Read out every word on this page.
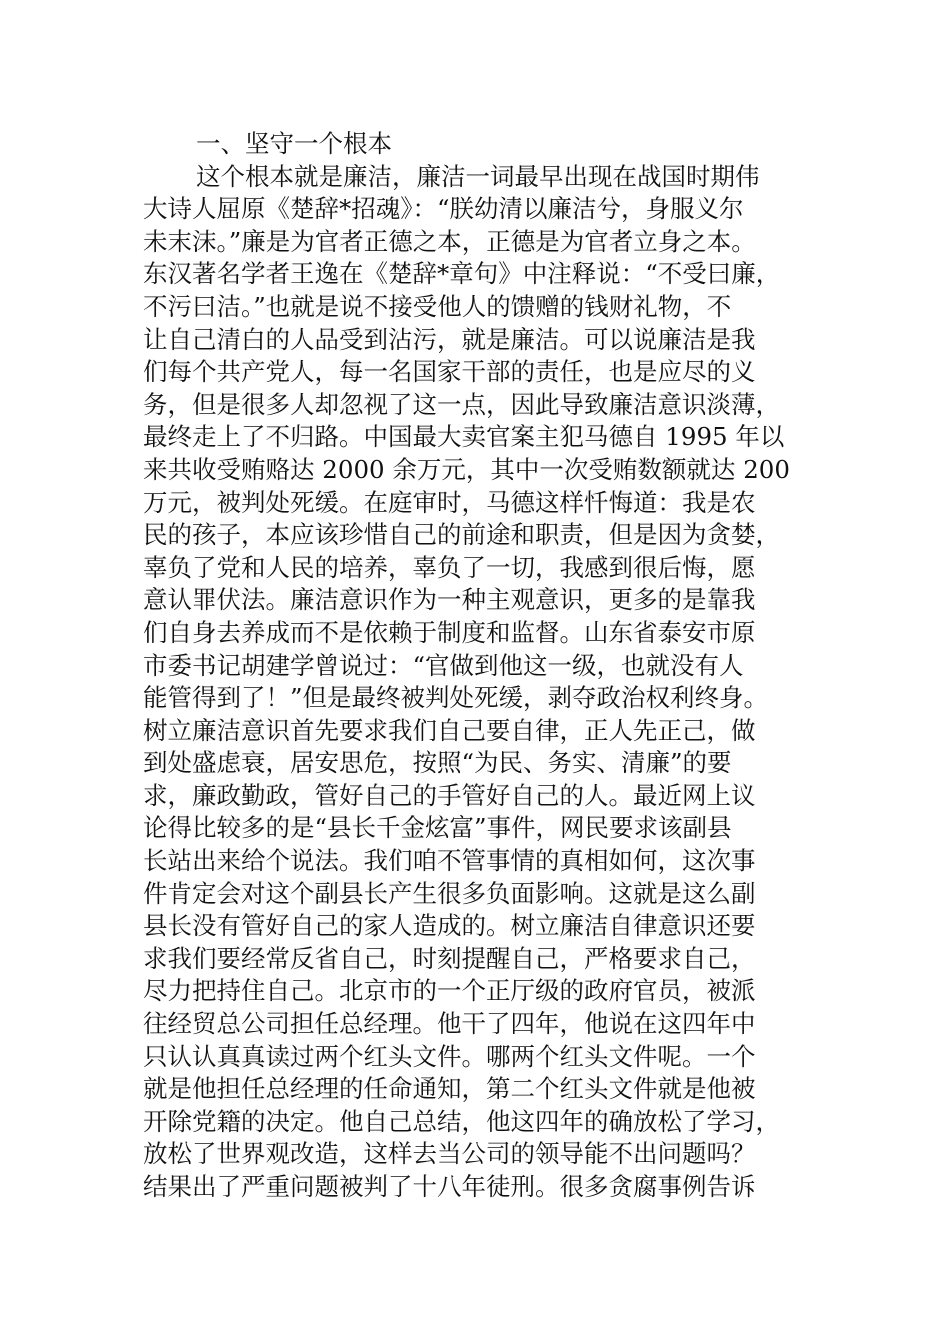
一、坚守一个根本
这个根本就是廉洁，廉洁一词最早出现在战国时期伟
大诗人屈原《楚辞*招魂》：“朕幼清以廉洁兮，身服义尔
未末沫。”廉是为官者正德之本，正德是为官者立身之本。
东汉著名学者王逸在《楚辞*章句》中注释说：“不受曰廉，
不污曰洁。”也就是说不接受他人的馈赠的钱财礼物，不
让自己清白的人品受到沾污，就是廉洁。可以说廉洁是我
们每个共产党人，每一名国家干部的责任，也是应尽的义
务，但是很多人却忽视了这一点，因此导致廉洁意识淡薄，
最终走上了不归路。中国最大卖官案主犯马德自 1995 年以
来共收受贿赂达 2000 余万元，其中一次受贿数额就达 200
万元，被判处死缓。在庭审时，马德这样忏悔道：我是农
民的孩子，本应该珍惜自己的前途和职责，但是因为贪婪，
辜负了党和人民的培养，辜负了一切，我感到很后悔，愿
意认罪伏法。廉洁意识作为一种主观意识，更多的是靠我
们自身去养成而不是依赖于制度和监督。山东省泰安市原
市委书记胡建学曾说过：“官做到他这一级，也就没有人
能管得到了！”但是最终被判处死缓，剥夺政治权利终身。
树立廉洁意识首先要求我们自己要自律，正人先正己，做
到处盛虑衰，居安思危，按照“为民、务实、清廉”的要
求，廉政勤政，管好自己的手管好自己的人。最近网上议
论得比较多的是“县长千金炫富”事件，网民要求该副县
长站出来给个说法。我们咱不管事情的真相如何，这次事
件肯定会对这个副县长产生很多负面影响。这就是这么副
县长没有管好自己的家人造成的。树立廉洁自律意识还要
求我们要经常反省自己，时刻提醒自己，严格要求自己，
尽力把持住自己。北京市的一个正厅级的政府官员，被派
往经贸总公司担任总经理。他干了四年，他说在这四年中
只认认真真读过两个红头文件。哪两个红头文件呢。一个
就是他担任总经理的任命通知，第二个红头文件就是他被
开除党籍的决定。他自己总结，他这四年的确放松了学习，
放松了世界观改造，这样去当公司的领导能不出问题吗？
结果出了严重问题被判了十八年徒刑。很多贪腐事例告诉
